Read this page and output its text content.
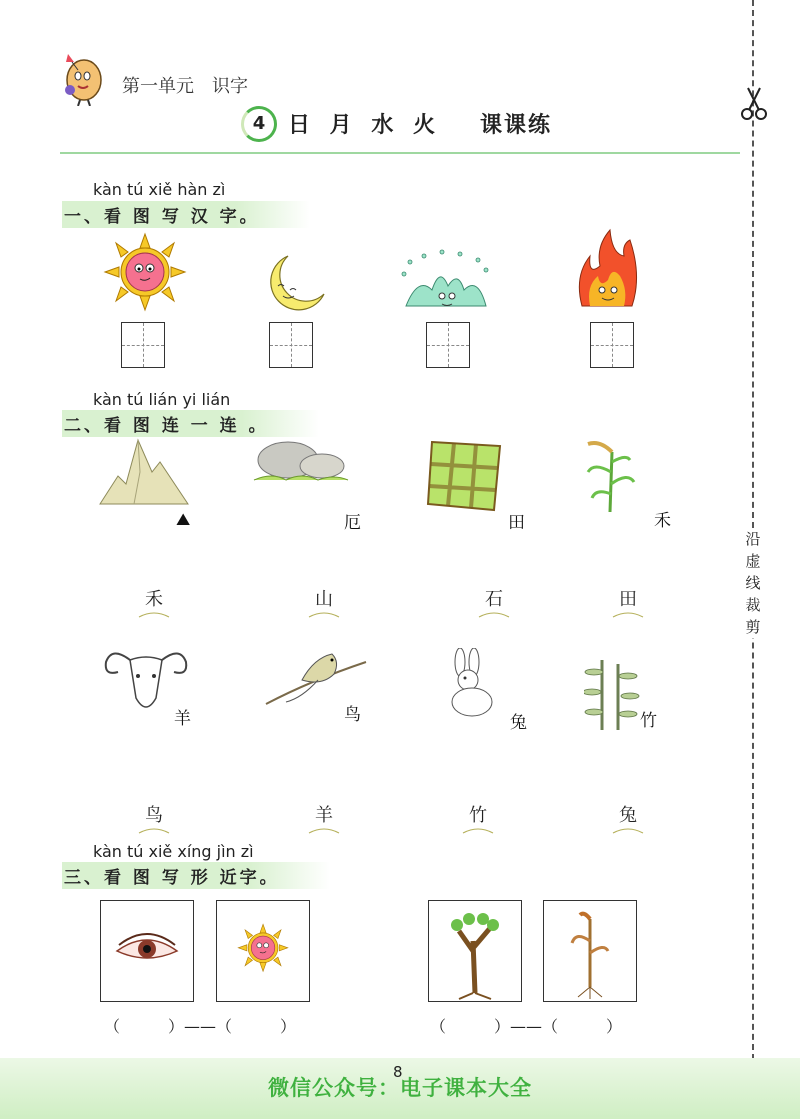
第一单元　识字
4	日 月 水 火 课课练
kàn tú xiě hàn zì
一、看 图 写 汉 字。
kàn tú lián yi lián
二、看 图 连 一 连 。
⛰	厄	田	禾
禾	山	石	田
羊	鸟	兔	竹
鸟	羊	竹	兔
kàn tú xiě xíng jìn zì
三、看 图 写 形 近字。
（　　　）——（　　　）	（　　　）——（　　　）
沿虚线裁剪
微信公众号：电子课本大全
8
